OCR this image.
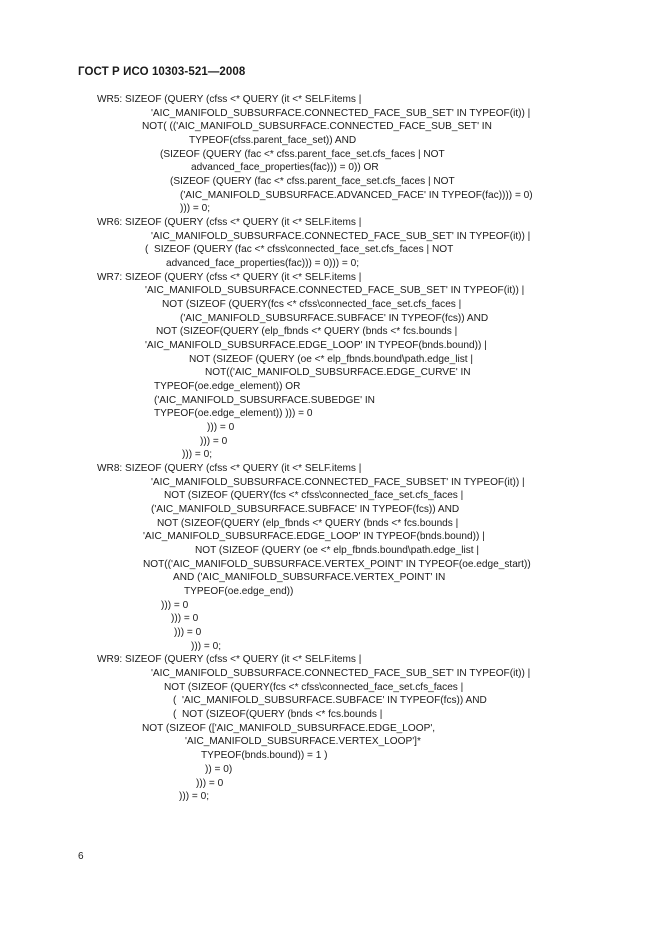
ГОСТ Р ИСО 10303-521—2008
WR5: SIZEOF (QUERY (cfss <* QUERY (it <* SELF.items |
'AIC_MANIFOLD_SUBSURFACE.CONNECTED_FACE_SUB_SET' IN TYPEOF(it)) |
NOT( (('AIC_MANIFOLD_SUBSURFACE.CONNECTED_FACE_SUB_SET' IN
TYPEOF(cfss.parent_face_set)) AND
(SIZEOF (QUERY (fac <* cfss.parent_face_set.cfs_faces | NOT
advanced_face_properties(fac))) = 0)) OR
(SIZEOF (QUERY (fac <* cfss.parent_face_set.cfs_faces | NOT
('AIC_MANIFOLD_SUBSURFACE.ADVANCED_FACE' IN TYPEOF(fac)))) = 0)
))) = 0;
WR6: SIZEOF (QUERY (cfss <* QUERY (it <* SELF.items |
'AIC_MANIFOLD_SUBSURFACE.CONNECTED_FACE_SUB_SET' IN TYPEOF(it)) |
(  SIZEOF (QUERY (fac <* cfss\connected_face_set.cfs_faces | NOT
advanced_face_properties(fac))) = 0))) = 0;
WR7: SIZEOF (QUERY (cfss <* QUERY (it <* SELF.items |
'AIC_MANIFOLD_SUBSURFACE.CONNECTED_FACE_SUB_SET' IN TYPEOF(it)) |
NOT (SIZEOF (QUERY(fcs <* cfss\connected_face_set.cfs_faces |
('AIC_MANIFOLD_SUBSURFACE.SUBFACE' IN TYPEOF(fcs)) AND
NOT (SIZEOF(QUERY (elp_fbnds <* QUERY (bnds <* fcs.bounds |
'AIC_MANIFOLD_SUBSURFACE.EDGE_LOOP' IN TYPEOF(bnds.bound)) |
NOT (SIZEOF (QUERY (oe <* elp_fbnds.bound\path.edge_list |
NOT(('AIC_MANIFOLD_SUBSURFACE.EDGE_CURVE' IN
TYPEOF(oe.edge_element)) OR
('AIC_MANIFOLD_SUBSURFACE.SUBEDGE' IN
TYPEOF(oe.edge_element)) ))) = 0
))) = 0
))) = 0
))) = 0;
WR8: SIZEOF (QUERY (cfss <* QUERY (it <* SELF.items |
'AIC_MANIFOLD_SUBSURFACE.CONNECTED_FACE_SUBSET' IN TYPEOF(it)) |
NOT (SIZEOF (QUERY(fcs <* cfss\connected_face_set.cfs_faces |
('AIC_MANIFOLD_SUBSURFACE.SUBFACE' IN TYPEOF(fcs)) AND
NOT (SIZEOF(QUERY (elp_fbnds <* QUERY (bnds <* fcs.bounds |
'AIC_MANIFOLD_SUBSURFACE.EDGE_LOOP' IN TYPEOF(bnds.bound)) |
NOT (SIZEOF (QUERY (oe <* elp_fbnds.bound\path.edge_list |
NOT(('AIC_MANIFOLD_SUBSURFACE.VERTEX_POINT' IN TYPEOF(oe.edge_start))
AND ('AIC_MANIFOLD_SUBSURFACE.VERTEX_POINT' IN
TYPEOF(oe.edge_end))
))) = 0
))) = 0
))) = 0
))) = 0;
WR9: SIZEOF (QUERY (cfss <* QUERY (it <* SELF.items |
'AIC_MANIFOLD_SUBSURFACE.CONNECTED_FACE_SUB_SET' IN TYPEOF(it)) |
NOT (SIZEOF (QUERY(fcs <* cfss\connected_face_set.cfs_faces |
(  'AIC_MANIFOLD_SUBSURFACE.SUBFACE' IN TYPEOF(fcs)) AND
(  NOT (SIZEOF(QUERY (bnds <* fcs.bounds |
NOT (SIZEOF (['AIC_MANIFOLD_SUBSURFACE.EDGE_LOOP',
'AIC_MANIFOLD_SUBSURFACE.VERTEX_LOOP']*
TYPEOF(bnds.bound)) = 1 )
)) = 0)
))) = 0
))) = 0;
6
